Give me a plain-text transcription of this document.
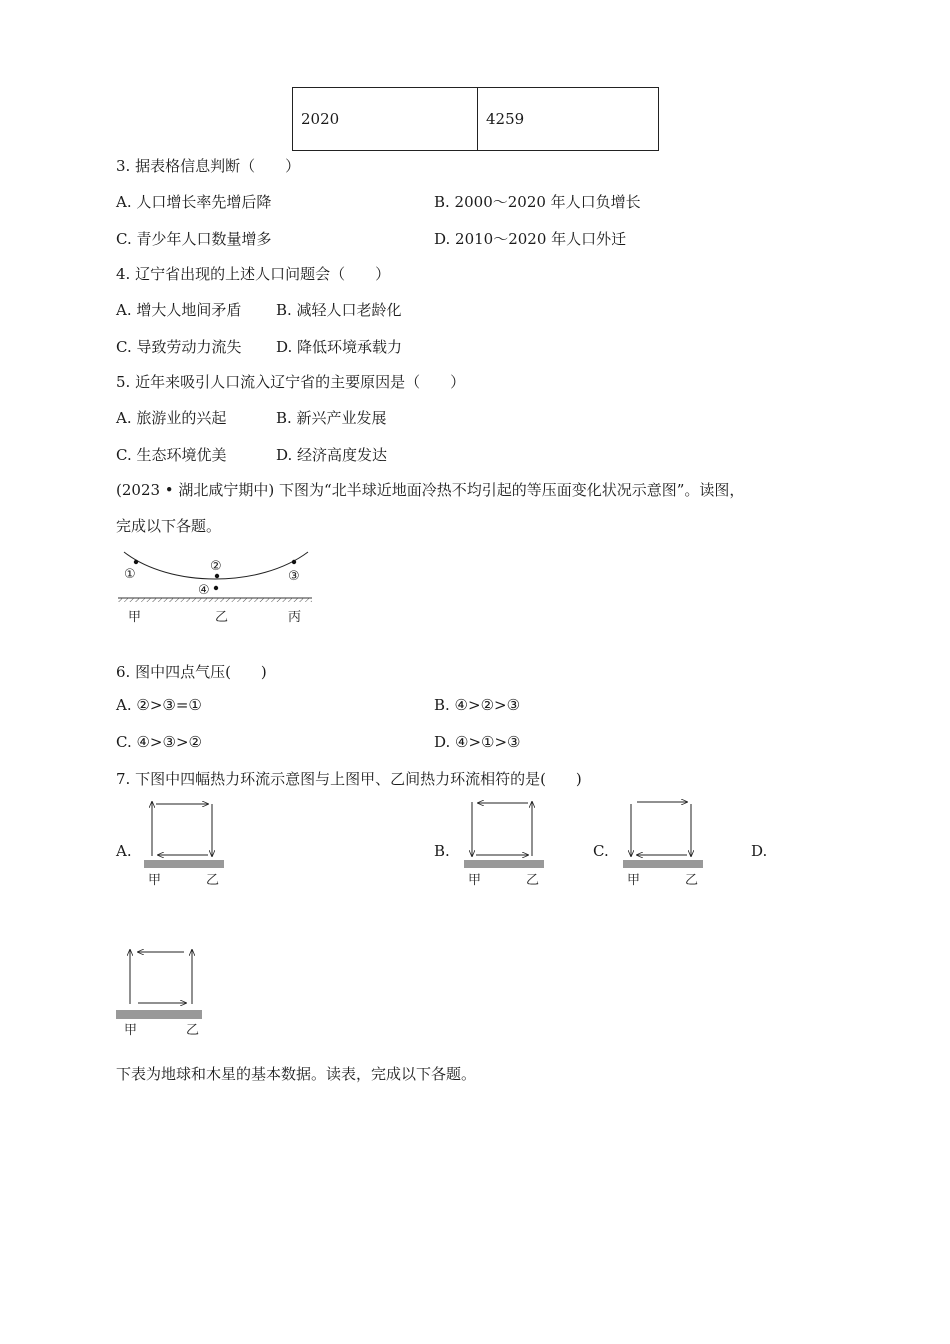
2020	4259
3. 据表格信息判断（　　）
A. 人口增长率先增后降	B. 2000～2020 年人口负增长
C. 青少年人口数量增多	D. 2010～2020 年人口外迁
4. 辽宁省出现的上述人口问题会（　　）
A. 增大人地间矛盾 B. 减轻人口老龄化
C. 导致劳动力流失 D. 降低环境承载力
5. 近年来吸引人口流入辽宁省的主要原因是（　　）
A. 旅游业的兴起	B. 新兴产业发展
C. 生态环境优美	D. 经济高度发达
(2023 • 湖北咸宁期中) 下图为“北半球近地面冷热不均引起的等压面变化状况示意图”。读图，
完成以下各题。
①
②
③
④
甲	乙	丙
6. 图中四点气压(　　)
A. ②>③=①	B. ④>②>③
C. ④>③>②	D. ④>①>③
7. 下图中四幅热力环流示意图与上图甲、乙间热力环流相符的是(　　)
A.	B.	C.	D.
甲	乙	甲	乙	甲	乙
甲	乙
下表为地球和木星的基本数据。读表，完成以下各题。
